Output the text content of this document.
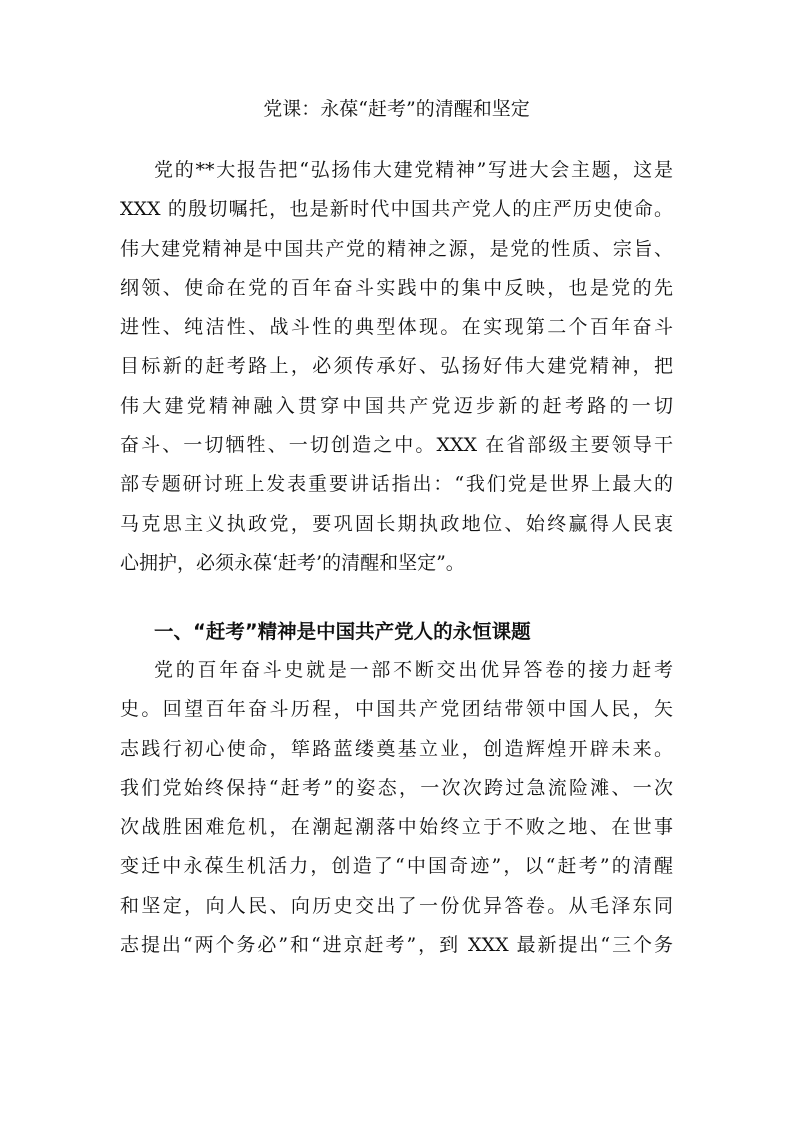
党课：永葆“赶考”的清醒和坚定
党的**大报告把“弘扬伟大建党精神”写进大会主题，这是
XXX 的殷切嘱托，也是新时代中国共产党人的庄严历史使命。
伟大建党精神是中国共产党的精神之源，是党的性质、宗旨、
纲领、使命在党的百年奋斗实践中的集中反映，也是党的先
进性、纯洁性、战斗性的典型体现。在实现第二个百年奋斗
目标新的赶考路上，必须传承好、弘扬好伟大建党精神，把
伟大建党精神融入贯穿中国共产党迈步新的赶考路的一切
奋斗、一切牺牲、一切创造之中。XXX 在省部级主要领导干
部专题研讨班上发表重要讲话指出：“我们党是世界上最大的
马克思主义执政党，要巩固长期执政地位、始终赢得人民衷
心拥护，必须永葆‘赶考’的清醒和坚定”。
一、“赶考”精神是中国共产党人的永恒课题
党的百年奋斗史就是一部不断交出优异答卷的接力赶考
史。回望百年奋斗历程，中国共产党团结带领中国人民，矢
志践行初心使命，筚路蓝缕奠基立业，创造辉煌开辟未来。
我们党始终保持“赶考”的姿态，一次次跨过急流险滩、一次
次战胜困难危机，在潮起潮落中始终立于不败之地、在世事
变迁中永葆生机活力，创造了“中国奇迹”，以“赶考”的清醒
和坚定，向人民、向历史交出了一份优异答卷。从毛泽东同
志提出“两个务必”和“进京赶考”，到 XXX 最新提出“三个务
